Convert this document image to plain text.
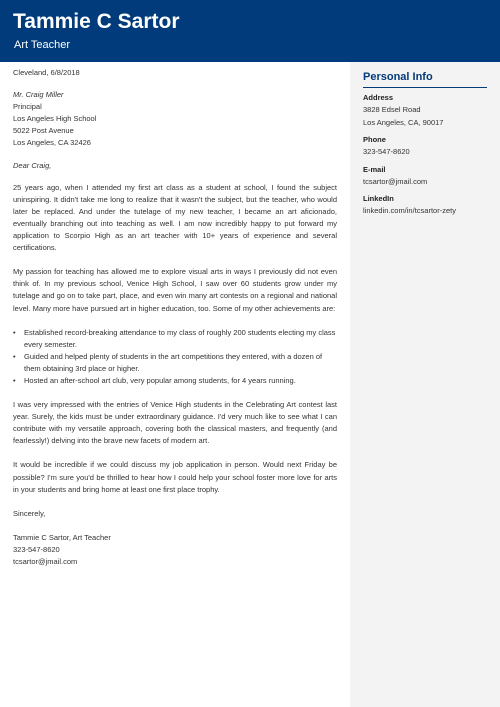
Tammie C Sartor
Art Teacher
Personal Info
Address
3828 Edsel Road
Los Angeles, CA, 90017
Phone
323-547-8620
E-mail
tcsartor@jmail.com
LinkedIn
linkedin.com/in/tcsartor-zety
Cleveland, 6/8/2018
Mr. Craig Miller
Principal
Los Angeles High School
5022 Post Avenue
Los Angeles, CA 32426
Dear Craig,

25 years ago, when I attended my first art class as a student at school, I found the subject uninspiring. It didn't take me long to realize that it wasn't the subject, but the teacher, who would later be replaced. And under the tutelage of my new teacher, I became an art aficionado, eventually branching out into teaching as well. I am now incredibly happy to put forward my application to Scorpio High as an art teacher with 10+ years of experience and several certifications.

My passion for teaching has allowed me to explore visual arts in ways I previously did not even think of. In my previous school, Venice High School, I saw over 60 students grow under my tutelage and go on to take part, place, and even win many art contests on a regional and national level. Many more have pursued art in higher education, too. Some of my other achievements are:

• Established record-breaking attendance to my class of roughly 200 students electing my class every semester.
• Guided and helped plenty of students in the art competitions they entered, with a dozen of them obtaining 3rd place or higher.
• Hosted an after-school art club, very popular among students, for 4 years running.

I was very impressed with the entries of Venice High students in the Celebrating Art contest last year. Surely, the kids must be under extraordinary guidance. I'd very much like to see what I can contribute with my versatile approach, covering both the classical masters, and frequently (and fearlessly!) delving into the brave new facets of modern art.

It would be incredible if we could discuss my job application in person. Would next Friday be possible? I'm sure you'd be thrilled to hear how I could help your school foster more love for arts in your students and bring home at least one first place trophy.

Sincerely,
Tammie C Sartor, Art Teacher
323-547-8620
tcsartor@jmail.com
